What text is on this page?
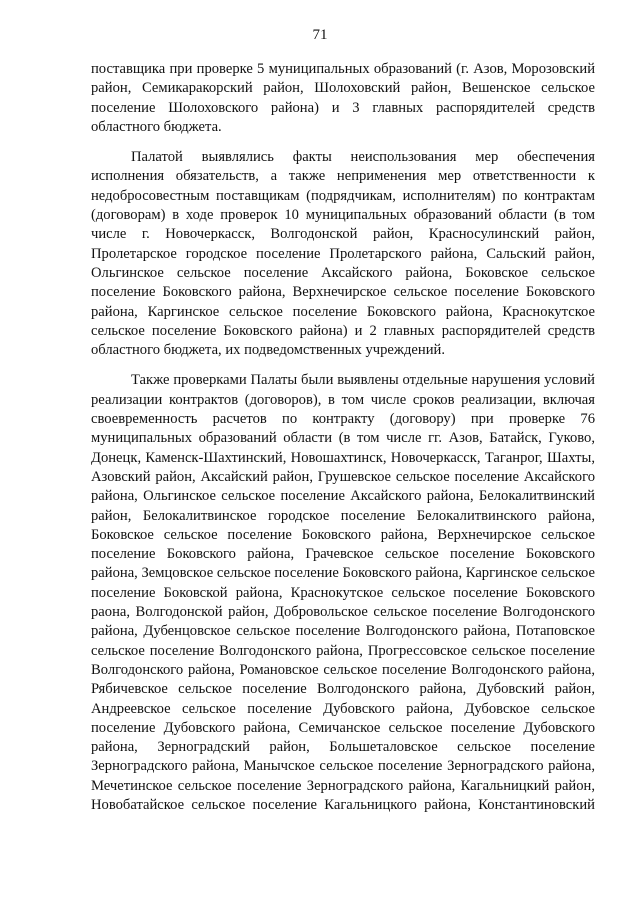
71

поставщика при проверке 5 муниципальных образований (г. Азов, Морозовский район, Семикаракорский район, Шолоховский район, Вешенское сельское поселение Шолоховского района) и 3 главных распорядителей средств областного бюджета.

Палатой выявлялись факты неиспользования мер обеспечения исполнения обязательств, а также неприменения мер ответственности к недобросовестным поставщикам (подрядчикам, исполнителям) по контрактам (договорам) в ходе проверок 10 муниципальных образований области (в том числе г. Новочеркасск, Волгодонской район, Красносулинский район, Пролетарское городское поселение Пролетарского района, Сальский район, Ольгинское сельское поселение Аксайского района, Боковское сельское поселение Боковского района, Верхнечирское сельское поселение Боковского района, Каргинское сельское поселение Боковского района, Краснокутское сельское поселение Боковского района) и 2 главных распорядителей средств областного бюджета, их подведомственных учреждений.

Также проверками Палаты были выявлены отдельные нарушения условий реализации контрактов (договоров), в том числе сроков реализации, включая своевременность расчетов по контракту (договору) при проверке 76 муниципальных образований области (в том числе гг. Азов, Батайск, Гуково, Донецк, Каменск-Шахтинский, Новошахтинск, Новочеркасск, Таганрог, Шахты, Азовский район, Аксайский район, Грушевское сельское поселение Аксайского района, Ольгинское сельское поселение Аксайского района, Белокалитвинский район, Белокалитвинское городское поселение Белокалитвинского района, Боковское сельское поселение Боковского района, Верхнечирское сельское поселение Боковского района, Грачевское сельское поселение Боковского района, Земцовское сельское поселение Боковского района, Каргинское сельское поселение Боковской района, Краснокутское сельское поселение Боковского раона, Волгодонской район, Добровольское сельское поселение Волгодонского района, Дубенцовское сельское поселение Волгодонского района, Потаповское сельское поселение Волгодонского района, Прогрессовское сельское поселение Волгодонского района, Романовское сельское поселение Волгодонского района, Рябичевское сельское поселение Волгодонского района, Дубовский район, Андреевское сельское поселение Дубовского района, Дубовское сельское поселение Дубовского района, Семичанское сельское поселение Дубовского района, Зерноградский район, Большеталовское сельское поселение Зерноградского района, Манычское сельское поселение Зерноградского района, Мечетинское сельское поселение Зерноградского района, Кагальницкий район, Новобатайское сельское поселение Кагальницкого района, Константиновский
